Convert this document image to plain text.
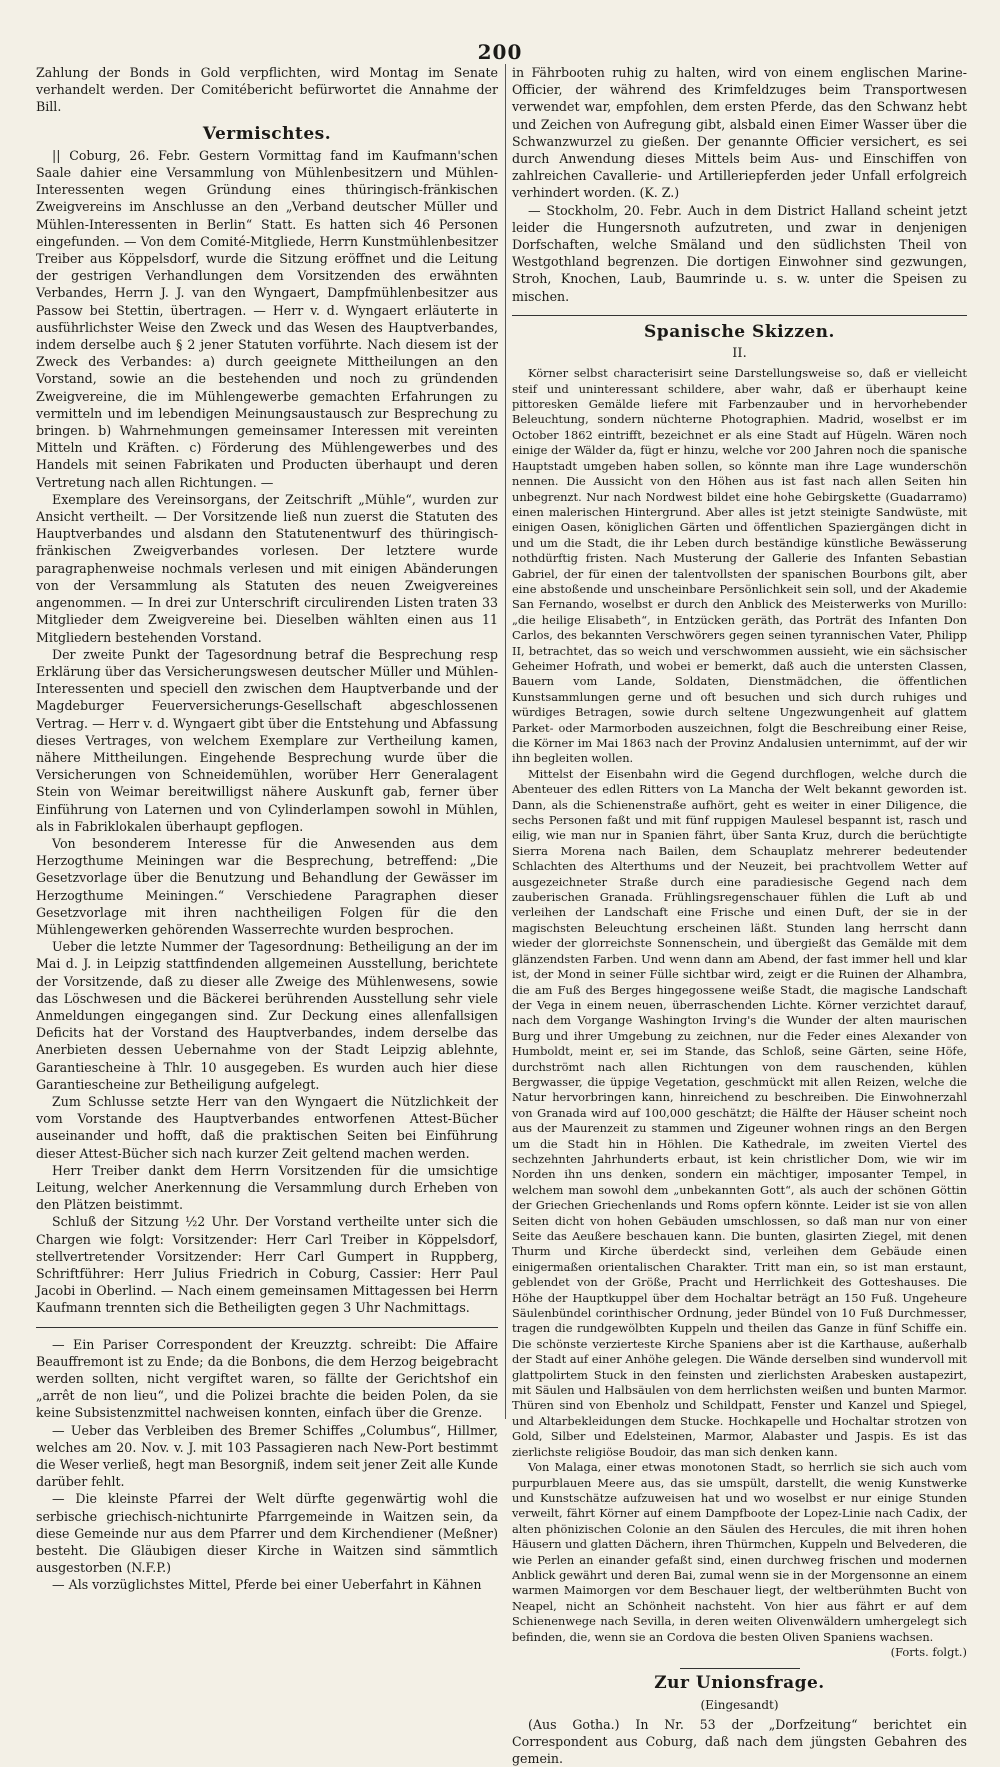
200

Zahlung der Bonds in Gold verpflichten, wird Montag im Senate verhandelt werden. Der Comitébericht befürwortet die Annahme der Bill.

Vermischtes.

|| Coburg, 26. Febr. Gestern Vormittag fand im Kaufmann'schen Saale dahier eine Versammlung von Mühlenbesitzern und Mühlen-Interessenten wegen Gründung eines thüringisch-fränkischen Zweigvereins im Anschlusse an den „Verband deutscher Müller und Mühlen-Interessenten in Berlin“ Statt. Es hatten sich 46 Personen eingefunden. — Von dem Comité-Mitgliede, Herrn Kunstmühlenbesitzer Treiber aus Köppelsdorf, wurde die Sitzung eröffnet und die Leitung der gestrigen Verhandlungen dem Vorsitzenden des erwähnten Verbandes, Herrn J. J. van den Wyngaert, Dampfmühlenbesitzer aus Passow bei Stettin, übertragen. — Herr v. d. Wyngaert erläuterte in ausführlichster Weise den Zweck und das Wesen des Hauptverbandes, indem derselbe auch § 2 jener Statuten vorführte. Nach diesem ist der Zweck des Verbandes: a) durch geeignete Mittheilungen an den Vorstand, sowie an die bestehenden und noch zu gründenden Zweigvereine, die im Mühlengewerbe gemachten Erfahrungen zu vermitteln und im lebendigen Meinungsaustausch zur Besprechung zu bringen. b) Wahrnehmungen gemeinsamer Interessen mit vereinten Mitteln und Kräften. c) Förderung des Mühlengewerbes und des Handels mit seinen Fabrikaten und Producten überhaupt und deren Vertretung nach allen Richtungen. —

Exemplare des Vereinsorgans, der Zeitschrift „Mühle“, wurden zur Ansicht vertheilt. — Der Vorsitzende ließ nun zuerst die Statuten des Hauptverbandes und alsdann den Statutenentwurf des thüringisch-fränkischen Zweigverbandes vorlesen. Der letztere wurde paragraphenweise nochmals verlesen und mit einigen Abänderungen von der Versammlung als Statuten des neuen Zweigvereines angenommen. — In drei zur Unterschrift circulirenden Listen traten 33 Mitglieder dem Zweigvereine bei. Dieselben wählten einen aus 11 Mitgliedern bestehenden Vorstand.

Der zweite Punkt der Tagesordnung betraf die Besprechung resp Erklärung über das Versicherungswesen deutscher Müller und Mühlen-Interessenten und speciell den zwischen dem Hauptverbande und der Magdeburger Feuerversicherungs-Gesellschaft abgeschlossenen Vertrag. — Herr v. d. Wyngaert gibt über die Entstehung und Abfassung dieses Vertrages, von welchem Exemplare zur Vertheilung kamen, nähere Mittheilungen. Eingehende Besprechung wurde über die Versicherungen von Schneidemühlen, worüber Herr Generalagent Stein von Weimar bereitwilligst nähere Auskunft gab, ferner über Einführung von Laternen und von Cylinderlampen sowohl in Mühlen, als in Fabriklokalen überhaupt gepflogen.

Von besonderem Interesse für die Anwesenden aus dem Herzogthume Meiningen war die Besprechung, betreffend: „Die Gesetzvorlage über die Benutzung und Behandlung der Gewässer im Herzogthume Meiningen.“ Verschiedene Paragraphen dieser Gesetzvorlage mit ihren nachtheiligen Folgen für die den Mühlengewerken gehörenden Wasserrechte wurden besprochen.

Ueber die letzte Nummer der Tagesordnung: Betheiligung an der im Mai d. J. in Leipzig stattfindenden allgemeinen Ausstellung, berichtete der Vorsitzende, daß zu dieser alle Zweige des Mühlenwesens, sowie das Löschwesen und die Bäckerei berührenden Ausstellung sehr viele Anmeldungen eingegangen sind. Zur Deckung eines allenfallsigen Deficits hat der Vorstand des Hauptverbandes, indem derselbe das Anerbieten dessen Uebernahme von der Stadt Leipzig ablehnte, Garantiescheine à Thlr. 10 ausgegeben. Es wurden auch hier diese Garantiescheine zur Betheiligung aufgelegt.

Zum Schlusse setzte Herr van den Wyngaert die Nützlichkeit der vom Vorstande des Hauptverbandes entworfenen Attest-Bücher auseinander und hofft, daß die praktischen Seiten bei Einführung dieser Attest-Bücher sich nach kurzer Zeit geltend machen werden.

Herr Treiber dankt dem Herrn Vorsitzenden für die umsichtige Leitung, welcher Anerkennung die Versammlung durch Erheben von den Plätzen beistimmt.

Schluß der Sitzung ½2 Uhr. Der Vorstand vertheilte unter sich die Chargen wie folgt: Vorsitzender: Herr Carl Treiber in Köppelsdorf, stellvertretender Vorsitzender: Herr Carl Gumpert in Ruppberg, Schriftführer: Herr Julius Friedrich in Coburg, Cassier: Herr Paul Jacobi in Oberlind. — Nach einem gemeinsamen Mittagessen bei Herrn Kaufmann trennten sich die Betheiligten gegen 3 Uhr Nachmittags.

— Ein Pariser Correspondent der Kreuzztg. schreibt: Die Affaire Beauffremont ist zu Ende; da die Bonbons, die dem Herzog beigebracht werden sollten, nicht vergiftet waren, so fällte der Gerichtshof ein „arrêt de non lieu“, und die Polizei brachte die beiden Polen, da sie keine Subsistenzmittel nachweisen konnten, einfach über die Grenze.

— Ueber das Verbleiben des Bremer Schiffes „Columbus“, Hillmer, welches am 20. Nov. v. J. mit 103 Passagieren nach New-Port bestimmt die Weser verließ, hegt man Besorgniß, indem seit jener Zeit alle Kunde darüber fehlt.

— Die kleinste Pfarrei der Welt dürfte gegenwärtig wohl die serbische griechisch-nichtunirte Pfarrgemeinde in Waitzen sein, da diese Gemeinde nur aus dem Pfarrer und dem Kirchendiener (Meßner) besteht. Die Gläubigen dieser Kirche in Waitzen sind sämmtlich ausgestorben (N.F.P.)

— Als vorzüglichstes Mittel, Pferde bei einer Ueberfahrt in Kähnen

in Fährbooten ruhig zu halten, wird von einem englischen Marine-Officier, der während des Krimfeldzuges beim Transportwesen verwendet war, empfohlen, dem ersten Pferde, das den Schwanz hebt und Zeichen von Aufregung gibt, alsbald einen Eimer Wasser über die Schwanzwurzel zu gießen. Der genannte Officier versichert, es sei durch Anwendung dieses Mittels beim Aus- und Einschiffen von zahlreichen Cavallerie- und Artilleriepferden jeder Unfall erfolgreich verhindert worden. (K. Z.)

— Stockholm, 20. Febr. Auch in dem District Halland scheint jetzt leider die Hungersnoth aufzutreten, und zwar in denjenigen Dorfschaften, welche Smäland und den südlichsten Theil von Westgothland begrenzen. Die dortigen Einwohner sind gezwungen, Stroh, Knochen, Laub, Baumrinde u. s. w. unter die Speisen zu mischen.

Spanische Skizzen.
II.

Körner selbst characterisirt seine Darstellungsweise so, daß er vielleicht steif und uninteressant schildere, aber wahr, daß er überhaupt keine pittoresken Gemälde liefere mit Farbenzauber und in hervorhebender Beleuchtung, sondern nüchterne Photographien. Madrid, woselbst er im October 1862 eintrifft, bezeichnet er als eine Stadt auf Hügeln. Wären noch einige der Wälder da, fügt er hinzu, welche vor 200 Jahren noch die spanische Hauptstadt umgeben haben sollen, so könnte man ihre Lage wunderschön nennen. Die Aussicht von den Höhen aus ist fast nach allen Seiten hin unbegrenzt. Nur nach Nordwest bildet eine hohe Gebirgskette (Guadarramo) einen malerischen Hintergrund. Aber alles ist jetzt steinigte Sandwüste, mit einigen Oasen, königlichen Gärten und öffentlichen Spaziergängen dicht in und um die Stadt, die ihr Leben durch beständige künstliche Bewässerung nothdürftig fristen. Nach Musterung der Gallerie des Infanten Sebastian Gabriel, der für einen der talentvollsten der spanischen Bourbons gilt, aber eine abstoßende und unscheinbare Persönlichkeit sein soll, und der Akademie San Fernando, woselbst er durch den Anblick des Meisterwerks von Murillo: „die heilige Elisabeth“, in Entzücken geräth, das Porträt des Infanten Don Carlos, des bekannten Verschwörers gegen seinen tyrannischen Vater, Philipp II, betrachtet, das so weich und verschwommen aussieht, wie ein sächsischer Geheimer Hofrath, und wobei er bemerkt, daß auch die untersten Classen, Bauern vom Lande, Soldaten, Dienstmädchen, die öffentlichen Kunstsammlungen gerne und oft besuchen und sich durch ruhiges und würdiges Betragen, sowie durch seltene Ungezwungenheit auf glattem Parket- oder Marmorboden auszeichnen, folgt die Beschreibung einer Reise, die Körner im Mai 1863 nach der Provinz Andalusien unternimmt, auf der wir ihn begleiten wollen.

Mittelst der Eisenbahn wird die Gegend durchflogen, welche durch die Abenteuer des edlen Ritters von La Mancha der Welt bekannt geworden ist. Dann, als die Schienenstraße aufhört, geht es weiter in einer Diligence, die sechs Personen faßt und mit fünf ruppigen Maulesel bespannt ist, rasch und eilig, wie man nur in Spanien fährt, über Santa Kruz, durch die berüchtigte Sierra Morena nach Bailen, dem Schauplatz mehrerer bedeutender Schlachten des Alterthums und der Neuzeit, bei prachtvollem Wetter auf ausgezeichneter Straße durch eine paradiesische Gegend nach dem zauberischen Granada. Frühlingsregenschauer fühlen die Luft ab und verleihen der Landschaft eine Frische und einen Duft, der sie in der magischsten Beleuchtung erscheinen läßt. Stunden lang herrscht dann wieder der glorreichste Sonnenschein, und übergießt das Gemälde mit dem glänzendsten Farben. Und wenn dann am Abend, der fast immer hell und klar ist, der Mond in seiner Fülle sichtbar wird, zeigt er die Ruinen der Alhambra, die am Fuß des Berges hingegossene weiße Stadt, die magische Landschaft der Vega in einem neuen, überraschenden Lichte. Körner verzichtet darauf, nach dem Vorgange Washington Irving's die Wunder der alten maurischen Burg und ihrer Umgebung zu zeichnen, nur die Feder eines Alexander von Humboldt, meint er, sei im Stande, das Schloß, seine Gärten, seine Höfe, durchströmt nach allen Richtungen von dem rauschenden, kühlen Bergwasser, die üppige Vegetation, geschmückt mit allen Reizen, welche die Natur hervorbringen kann, hinreichend zu beschreiben. Die Einwohnerzahl von Granada wird auf 100,000 geschätzt; die Hälfte der Häuser scheint noch aus der Maurenzeit zu stammen und Zigeuner wohnen rings an den Bergen um die Stadt hin in Höhlen. Die Kathedrale, im zweiten Viertel des sechzehnten Jahrhunderts erbaut, ist kein christlicher Dom, wie wir im Norden ihn uns denken, sondern ein mächtiger, imposanter Tempel, in welchem man sowohl dem „unbekannten Gott“, als auch der schönen Göttin der Griechen Griechenlands und Roms opfern könnte. Leider ist sie von allen Seiten dicht von hohen Gebäuden umschlossen, so daß man nur von einer Seite das Aeußere beschauen kann. Die bunten, glasirten Ziegel, mit denen Thurm und Kirche überdeckt sind, verleihen dem Gebäude einen einigermaßen orientalischen Charakter. Tritt man ein, so ist man erstaunt, geblendet von der Größe, Pracht und Herrlichkeit des Gotteshauses. Die Höhe der Hauptkuppel über dem Hochaltar beträgt an 150 Fuß. Ungeheure Säulenbündel corinthischer Ordnung, jeder Bündel von 10 Fuß Durchmesser, tragen die rundgewölbten Kuppeln und theilen das Ganze in fünf Schiffe ein. Die schönste verzierteste Kirche Spaniens aber ist die Karthause, außerhalb der Stadt auf einer Anhöhe gelegen. Die Wände derselben sind wundervoll mit glattpolirtem Stuck in den feinsten und zierlichsten Arabesken austapezirt, mit Säulen und Halbsäulen von dem herrlichsten weißen und bunten Marmor. Thüren sind von Ebenholz und Schildpatt, Fenster und Kanzel und Spiegel, und Altarbekleidungen dem Stucke. Hochkapelle und Hochaltar strotzen von Gold, Silber und Edelsteinen, Marmor, Alabaster und Jaspis. Es ist das zierlichste religiöse Boudoir, das man sich denken kann.

Von Malaga, einer etwas monotonen Stadt, so herrlich sie sich auch vom purpurblauen Meere aus, das sie umspült, darstellt, die wenig Kunstwerke und Kunstschätze aufzuweisen hat und wo woselbst er nur einige Stunden verweilt, fährt Körner auf einem Dampfboote der Lopez-Linie nach Cadix, der alten phönizischen Colonie an den Säulen des Hercules, die mit ihren hohen Häusern und glatten Dächern, ihren Thürmchen, Kuppeln und Belvederen, die wie Perlen an einander gefaßt sind, einen durchweg frischen und modernen Anblick gewährt und deren Bai, zumal wenn sie in der Morgensonne an einem warmen Maimorgen vor dem Beschauer liegt, der weltberühmten Bucht von Neapel, nicht an Schönheit nachsteht. Von hier aus fährt er auf dem Schienenwege nach Sevilla, in deren weiten Olivenwäldern umhergelegt sich befinden, die, wenn sie an Cordova die besten Oliven Spaniens wachsen.

(Forts. folgt.)

Zur Unionsfrage.
(Eingesandt)

(Aus Gotha.) In Nr. 53 der „Dorfzeitung“ berichtet ein Correspondent aus Coburg, daß nach dem jüngsten Gebahren des gemein.
